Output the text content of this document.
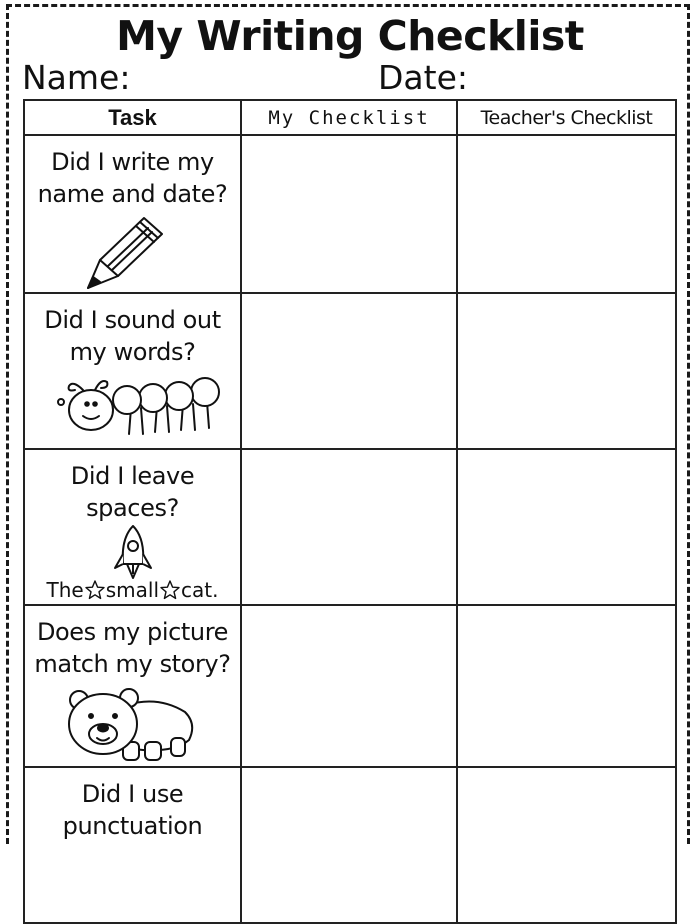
My Writing Checklist
Name:	Date:
Task	My Checklist	Teacher's Checklist

Did I write my name and date?		

Did I sound out my words?		

Did I leave spaces?
The small cat.		

Does my picture match my story?		

Did I use punctuation		
